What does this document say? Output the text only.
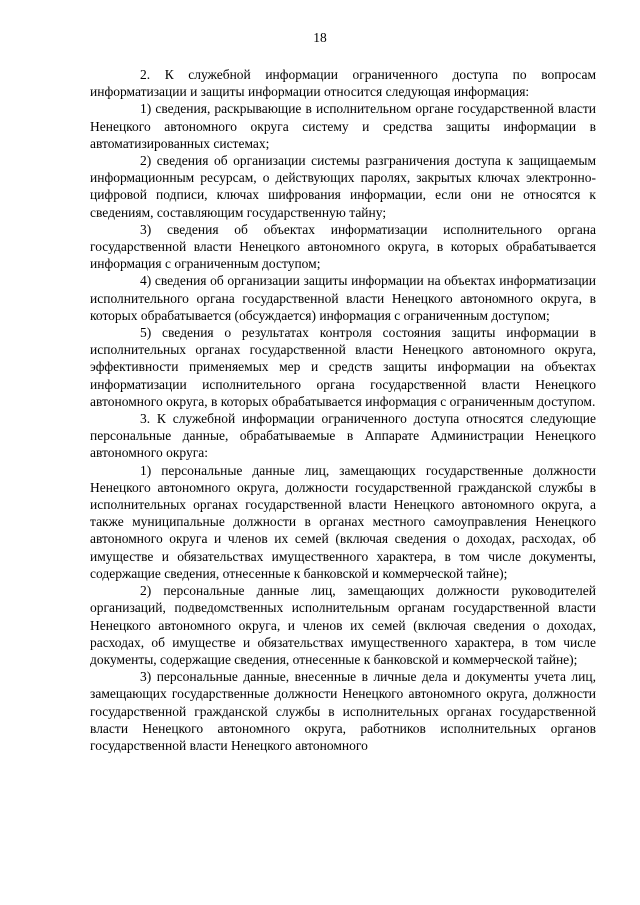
18

2. К служебной информации ограниченного доступа по вопросам информатизации и защиты информации относится следующая информация:

1) сведения, раскрывающие в исполнительном органе государственной власти Ненецкого автономного округа систему и средства защиты информации в автоматизированных системах;

2) сведения об организации системы разграничения доступа к защищаемым информационным ресурсам, о действующих паролях, закрытых ключах электронно-цифровой подписи, ключах шифрования информации, если они не относятся к сведениям, составляющим государственную тайну;

3) сведения об объектах информатизации исполнительного органа государственной власти Ненецкого автономного округа, в которых обрабатывается информация с ограниченным доступом;

4) сведения об организации защиты информации на объектах информатизации исполнительного органа государственной власти Ненецкого автономного округа, в которых обрабатывается (обсуждается) информация с ограниченным доступом;

5) сведения о результатах контроля состояния защиты информации в исполнительных органах государственной власти Ненецкого автономного округа, эффективности применяемых мер и средств защиты информации на объектах информатизации исполнительного органа государственной власти Ненецкого автономного округа, в которых обрабатывается информация с ограниченным доступом.

3. К служебной информации ограниченного доступа относятся следующие персональные данные, обрабатываемые в Аппарате Администрации Ненецкого автономного округа:

1) персональные данные лиц, замещающих государственные должности Ненецкого автономного округа, должности государственной гражданской службы в исполнительных органах государственной власти Ненецкого автономного округа, а также муниципальные должности в органах местного самоуправления Ненецкого автономного округа и членов их семей (включая сведения о доходах, расходах, об имуществе и обязательствах имущественного характера, в том числе документы, содержащие сведения, отнесенные к банковской и коммерческой тайне);

2) персональные данные лиц, замещающих должности руководителей организаций, подведомственных исполнительным органам государственной власти Ненецкого автономного округа, и членов их семей (включая сведения о доходах, расходах, об имуществе и обязательствах имущественного характера, в том числе документы, содержащие сведения, отнесенные к банковской и коммерческой тайне);

3) персональные данные, внесенные в личные дела и документы учета лиц, замещающих государственные должности Ненецкого автономного округа, должности государственной гражданской службы в исполнительных органах государственной власти Ненецкого автономного округа, работников исполнительных органов государственной власти Ненецкого автономного
